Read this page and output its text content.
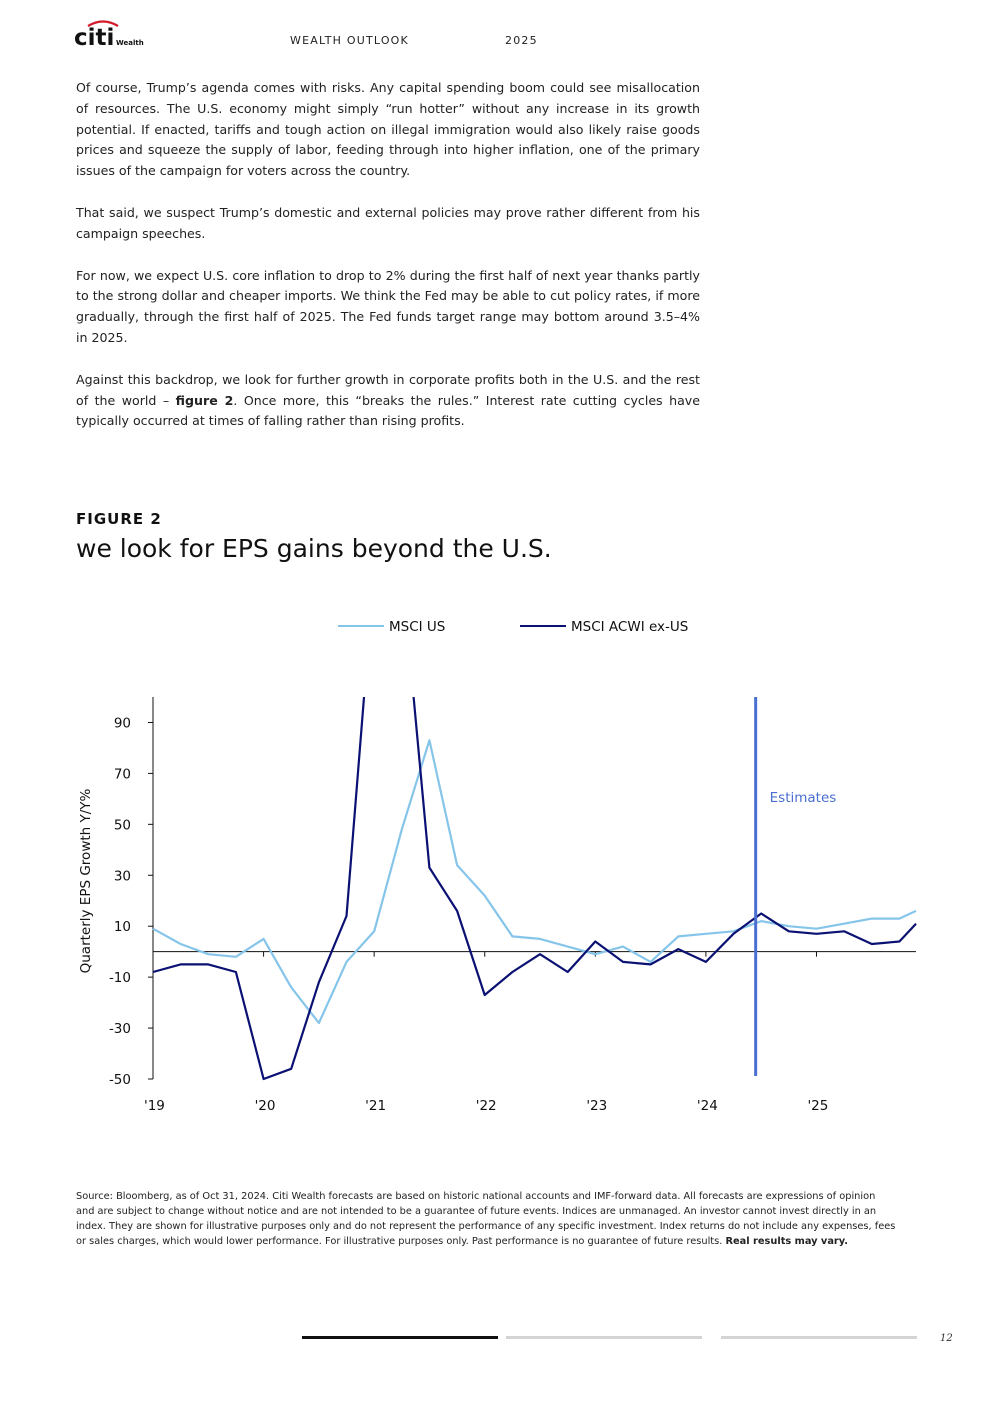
citi Wealth	WEALTH OUTLOOK	2025

Of course, Trump’s agenda comes with risks. Any capital spending boom could see misallocation of resources. The U.S. economy might simply “run hotter” without any increase in its growth potential. If enacted, tariffs and tough action on illegal immigration would also likely raise goods prices and squeeze the supply of labor, feeding through into higher inflation, one of the primary issues of the campaign for voters across the country.

That said, we suspect Trump’s domestic and external policies may prove rather different from his campaign speeches.

For now, we expect U.S. core inflation to drop to 2% during the first half of next year thanks partly to the strong dollar and cheaper imports. We think the Fed may be able to cut policy rates, if more gradually, through the first half of 2025. The Fed funds target range may bottom around 3.5–4% in 2025.

Against this backdrop, we look for further growth in corporate profits both in the U.S. and the rest of the world – figure 2. Once more, this “breaks the rules.” Interest rate cutting cycles have typically occurred at times of falling rather than rising profits.

FIGURE 2
we look for EPS gains beyond the U.S.
MSCI US	MSCI ACWI ex-US
Quarterly EPS Growth Y/Y%
-50
-30
-10
10
30
50
70
90
'19	'20	'21	'22	'23	'24	'25
Estimates
Source: Bloomberg, as of Oct 31, 2024. Citi Wealth forecasts are based on historic national accounts and IMF-forward data. All forecasts are expressions of opinion and are subject to change without notice and are not intended to be a guarantee of future events. Indices are unmanaged. An investor cannot invest directly in an index. They are shown for illustrative purposes only and do not represent the performance of any specific investment. Index returns do not include any expenses, fees or sales charges, which would lower performance. For illustrative purposes only. Past performance is no guarantee of future results. Real results may vary.
12
